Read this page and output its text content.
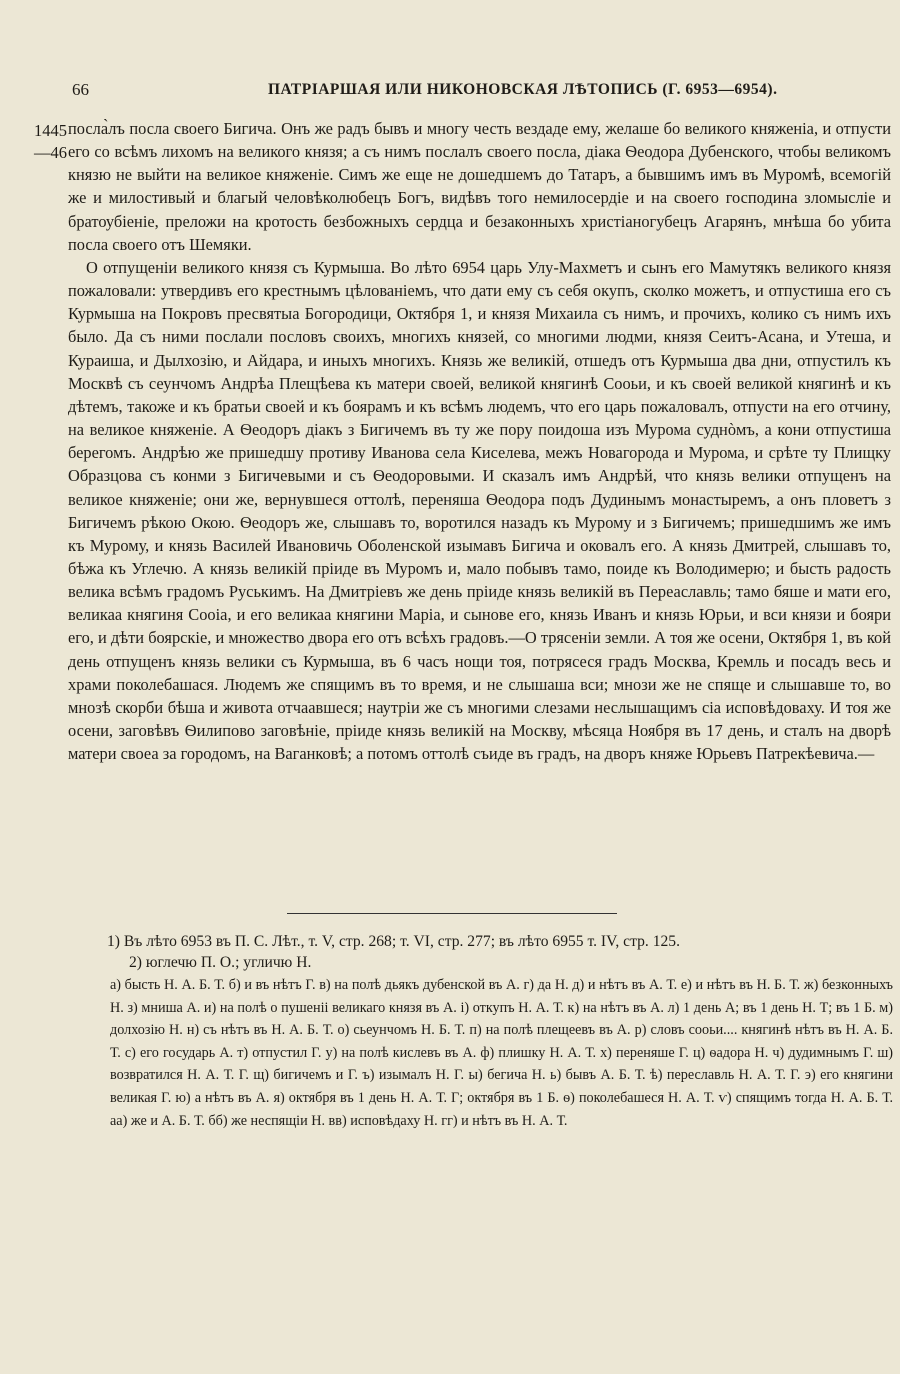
66	ПАТРІАРШАЯ ИЛИ НИКОНОВСКАЯ ЛѢТОПИСЬ (Г. 6953—6954).
1445
—46

посла̀лъ посла своего Бигича. Онъ же радъ бывъ и многу честь вездаде ему, желаше бо великого княженіа, и отпусти его со всѣмъ лихомъ на великого князя; а съ нимъ послалъ своего посла, діака Ѳеодора Дубенского, чтобы великомъ князю не выйти на великое княженіе. Симъ же еще не дошедшемъ до Татаръ, а бывшимъ имъ въ Муромѣ, всемогій же и милостивый и благый человѣколюбецъ Богъ, видѣвъ того немилосердіе и на своего господина зломысліе и братоубіеніе, преложи на кротость безбожныхъ сердца и безаконныхъ христіаногубецъ Агарянъ, мнѣша бо убита посла своего отъ Шемяки.

О отпущеніи великого князя съ Курмыша. Во лѣто 6954 царь Улу-Махметъ и сынъ его Мамутякъ великого князя пожаловали: утвердивъ его крестнымъ цѣлованіемъ, что дати ему съ себя окупъ, сколко можетъ, и отпустиша его съ Курмыша на Покровъ пресвятыа Богородици, Октября 1, и князя Михаила съ нимъ, и прочихъ, колико съ нимъ ихъ было. Да съ ними послали пословъ своихъ, многихъ князей, со многими людми, князя Сеитъ-Асана, и Утеша, и Кураиша, и Дылхозію, и Айдара, и иныхъ многихъ. Князь же великій, отшедъ отъ Курмыша два дни, отпустилъ къ Москвѣ съ сеунчомъ Андрѣа Плещѣева къ матери своей, великой княгинѣ Сооьи, и къ своей великой княгинѣ и къ дѣтемъ, такоже и къ братьи своей и къ боярамъ и къ всѣмъ людемъ, что его царь пожаловалъ, отпусти на его отчину, на великое княженіе. А Ѳеодоръ діакъ з Бигичемъ въ ту же пору поидоша изъ Мурома суднòмъ, а кони отпустиша берегомъ. Андрѣю же пришедшу противу Иванова села Киселева, межъ Новагорода и Мурома, и срѣте ту Плищку Образцова съ конми з Бигичевыми и съ Ѳеодоровыми. И сказалъ имъ Андрѣй, что князь велики отпущенъ на великое княженіе; они же, вернувшеся оттолѣ, переняша Ѳеодора подъ Дудинымъ монастыремъ, а онъ пловетъ з Бигичемъ рѣкою Окою. Ѳеодоръ же, слышавъ то, воротился назадъ къ Мурому и з Бигичемъ; пришедшимъ же имъ къ Мурому, и князь Василей Ивановичь Оболенской изымавъ Бигича и оковалъ его. А князь Дмитрей, слышавъ то, бѣжа къ Углечю. А князь великій пріиде въ Муромъ и, мало побывъ тамо, поиде къ Володимерю; и бысть радость велика всѣмъ градомъ Руськимъ. На Дмитріевъ же день пріиде князь великій въ Переаславль; тамо бяше и мати его, великаа княгиня Сооіа, и его великаа княгини Маріа, и сынове его, князь Иванъ и князь Юрьи, и вси князи и бояри его, и дѣти боярскіе, и множество двора его отъ всѣхъ градовъ.—О трясеніи земли. А тоя же осени, Октября 1, въ кой день отпущенъ князь велики съ Курмыша, въ 6 часъ нощи тоя, потрясеся градъ Москва, Кремль и посадъ весь и храми поколебашася. Людемъ же спящимъ въ то время, и не слышаша вси; мнози же не спяще и слышавше то, во мнозѣ скорби бѣша и живота отчаавшеся; наутріи же съ многими слезами неслышащимъ сіа исповѣдоваху. И тоя же осени, заговѣвъ Ѳилипово заговѣніе, пріиде князь великій на Москву, мѣсяца Ноября въ 17 день, и сталъ на дворѣ матери своеа за городомъ, на Ваганковѣ; а потомъ оттолѣ съиде въ градъ, на дворъ княже Юрьевъ Патрекѣевича.—

1) Въ лѣто 6953 въ П. С. Лѣт., т. V, стр. 268; т. VI, стр. 277; въ лѣто 6955 т. IV, стр. 125.

2) юглечю П. О.; угличю Н.

а) бысть Н. А. Б. Т. б) и въ нѣтъ Г. в) на полѣ дьякъ дубенской въ А. г) да Н. д) и нѣтъ въ А. Т. е) и нѣтъ въ Н. Б. Т. ж) безконныхъ Н. з) мниша А. и) на полѣ о пушеніі великаго князя въ А. і) откупъ Н. А. Т. к) на нѣтъ въ А. л) 1 день А; въ 1 день Н. Т; въ 1 Б. м) долхозію Н. н) съ нѣтъ въ Н. А. Б. Т. о) сьеунчомъ Н. Б. Т. п) на полѣ плещеевъ въ А. р) словъ сооьи.... княгинѣ нѣтъ въ Н. А. Б. Т. с) его государь А. т) отпустил Г. у) на полѣ кислевъ въ А. ф) плишку Н. А. Т. х) переняше Г. ц) ѳадора Н. ч) дудимнымъ Г. ш) возвратился Н. А. Т. Г. щ) бигичемъ и Г. ъ) изымалъ Н. Г. ы) бегича Н. ь) бывъ А. Б. Т. ѣ) переславль Н. А. Т. Г. э) его княгини великая Г. ю) а нѣтъ въ А. я) октября въ 1 день Н. А. Т. Г; октября въ 1 Б. ѳ) поколебашеся Н. А. Т. ѵ) спящимъ тогда Н. А. Б. Т. аа) же и А. Б. Т. бб) же неспящіи Н. вв) исповѣдаху Н. гг) и нѣтъ въ Н. А. Т.
